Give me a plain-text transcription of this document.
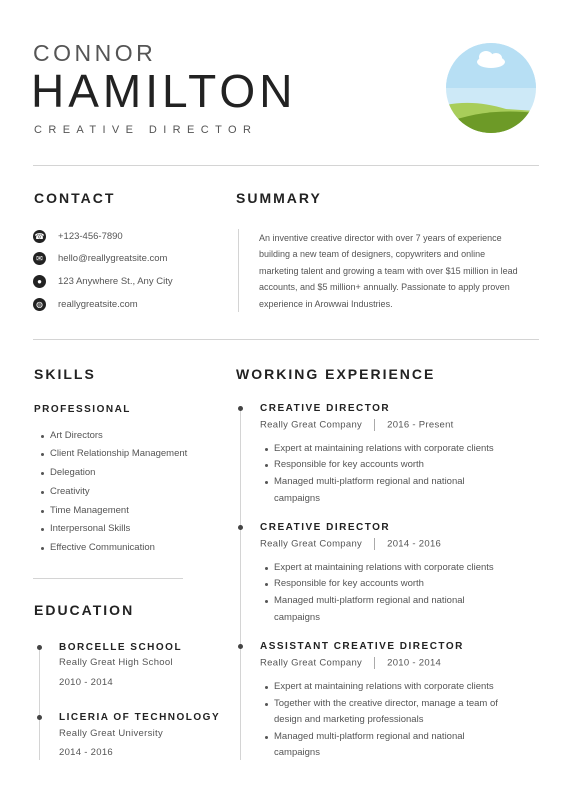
CONNOR
HAMILTON
CREATIVE DIRECTOR
CONTACT
☎ +123-456-7890
✉	hello@reallygreatsite.com
●	123 Anywhere St., Any City
◍	reallygreatsite.com
SUMMARY
An inventive creative director with over 7 years of experience
building a new team of designers, copywriters and online
marketing talent and growing a team with over $15 million in lead
accounts, and $5 million+ annually. Passionate to apply proven
experience in Arowwai Industries.
SKILLS
PROFESSIONAL
Art Directors
Client Relationship Management
Delegation
Creativity
Time Management
Interpersonal Skills
Effective Communication
EDUCATION
BORCELLE SCHOOL
Really Great High School
2010 - 2014
LICERIA OF TECHNOLOGY
Really Great University
2014 - 2016
WORKING EXPERIENCE
CREATIVE DIRECTOR
Really Great Company	2016 - Present
Expert at maintaining relations with corporate clients
Responsible for key accounts worth
Managed multi-platform regional and national
campaigns
CREATIVE DIRECTOR
Really Great Company	2014 - 2016
Expert at maintaining relations with corporate clients
Responsible for key accounts worth
Managed multi-platform regional and national
campaigns
ASSISTANT CREATIVE DIRECTOR
Really Great Company	2010 - 2014
Expert at maintaining relations with corporate clients
Together with the creative director, manage a team of
design and marketing professionals
Managed multi-platform regional and national
campaigns
